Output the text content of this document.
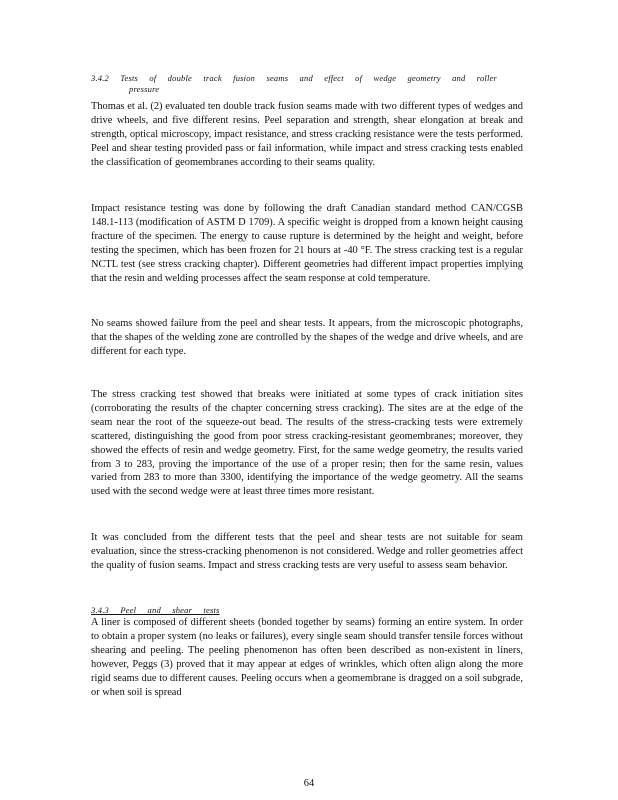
3.4.2 Tests of double track fusion seams and effect of wedge geometry and roller
pressure

Thomas et al. (2) evaluated ten double track fusion seams made with two different types of wedges and drive wheels, and five different resins. Peel separation and strength, shear elongation at break and strength, optical microscopy, impact resistance, and stress cracking resistance were the tests performed. Peel and shear testing provided pass or fail information, while impact and stress cracking tests enabled the classification of geomembranes according to their seams quality.

Impact resistance testing was done by following the draft Canadian standard method CAN/CGSB 148.1-113 (modification of ASTM D 1709). A specific weight is dropped from a known height causing fracture of the specimen. The energy to cause rupture is determined by the height and weight, before testing the specimen, which has been frozen for 21 hours at -40 °F. The stress cracking test is a regular NCTL test (see stress cracking chapter). Different geometries had different impact properties implying that the resin and welding processes affect the seam response at cold temperature.

No seams showed failure from the peel and shear tests. It appears, from the microscopic photographs, that the shapes of the welding zone are controlled by the shapes of the wedge and drive wheels, and are different for each type.

The stress cracking test showed that breaks were initiated at some types of crack initiation sites (corroborating the results of the chapter concerning stress cracking). The sites are at the edge of the seam near the root of the squeeze-out bead. The results of the stress-cracking tests were extremely scattered, distinguishing the good from poor stress cracking-resistant geomembranes; moreover, they showed the effects of resin and wedge geometry. First, for the same wedge geometry, the results varied from 3 to 283, proving the importance of the use of a proper resin; then for the same resin, values varied from 283 to more than 3300, identifying the importance of the wedge geometry. All the seams used with the second wedge were at least three times more resistant.

It was concluded from the different tests that the peel and shear tests are not suitable for seam evaluation, since the stress-cracking phenomenon is not considered. Wedge and roller geometries affect the quality of fusion seams. Impact and stress cracking tests are very useful to assess seam behavior.

3.4.3 Peel and shear tests

A liner is composed of different sheets (bonded together by seams) forming an entire system. In order to obtain a proper system (no leaks or failures), every single seam should transfer tensile forces without shearing and peeling. The peeling phenomenon has often been described as non-existent in liners, however, Peggs (3) proved that it may appear at edges of wrinkles, which often align along the more rigid seams due to different causes. Peeling occurs when a geomembrane is dragged on a soil subgrade, or when soil is spread

64
